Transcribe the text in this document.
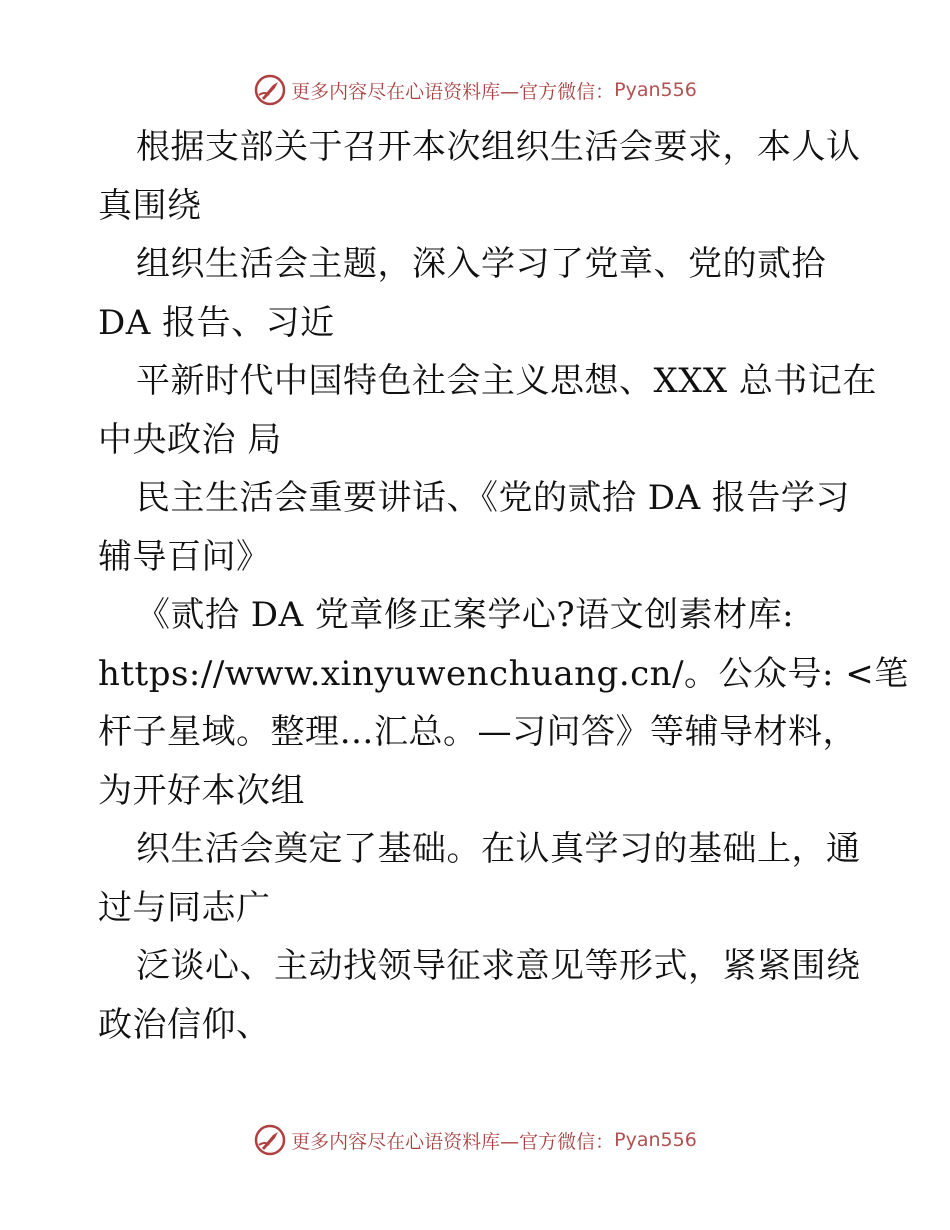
更多内容尽在心语资料库—官方微信： Pyan556
根据支部关于召开本次组织生活会要求，本人认
真围绕
组织生活会主题，深入学习了党章、党的贰拾
DA 报告、习近
平新时代中国特色社会主义思想、XXX 总书记在
中央政治 局
民主生活会重要讲话、《党的贰拾 DA 报告学习
辅导百问》
《贰拾 DA 党章修正案学心?语文创素材库:
https://www.xinyuwenchuang.cn/。公众号: <笔
杆子星域。整理…汇总。—习问答》等辅导材料，
为开好本次组
织生活会奠定了基础。在认真学习的基础上，通
过与同志广
泛谈心、主动找领导征求意见等形式，紧紧围绕
政治信仰、
更多内容尽在心语资料库—官方微信： Pyan556
